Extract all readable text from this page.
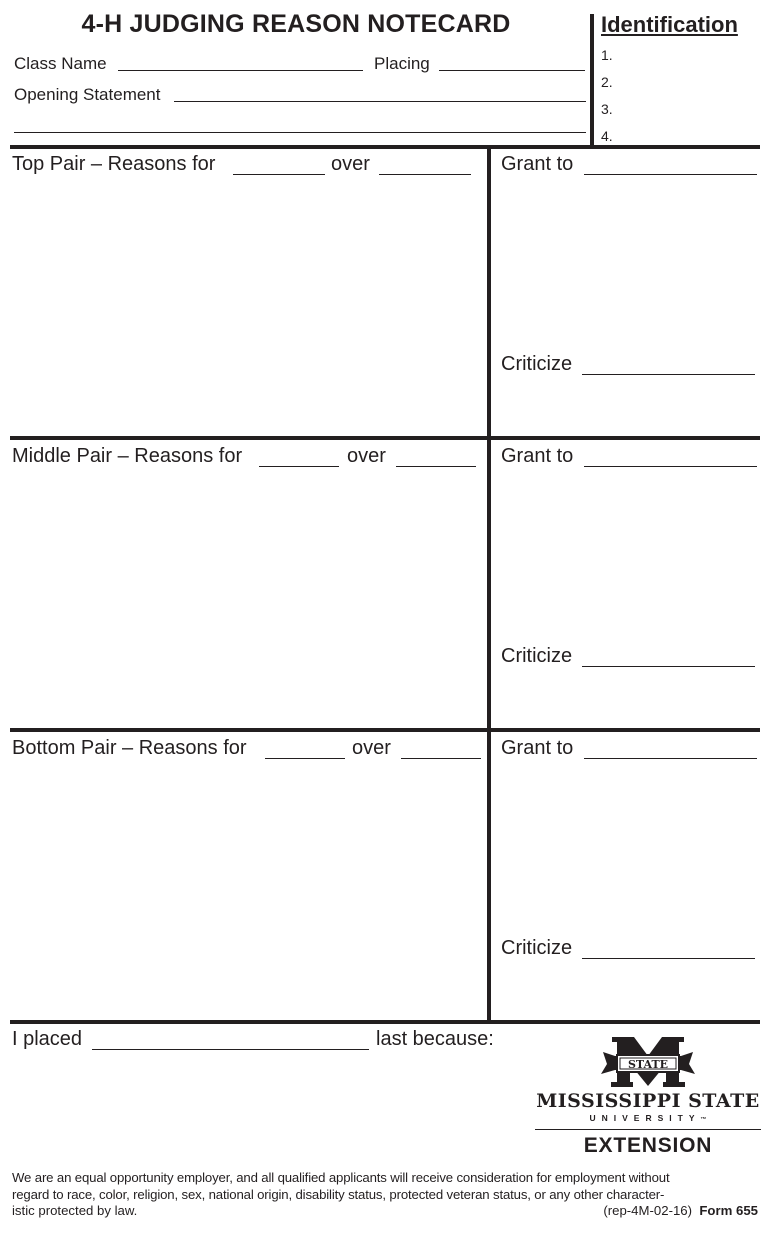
4-H JUDGING REASON NOTECARD
Class Name	Placing
Opening Statement
Identification
1.
2.
3.
4.
Top Pair – Reasons for	over	Grant to
Criticize
Middle Pair – Reasons for	over	Grant to
Criticize
Bottom Pair – Reasons for	over	Grant to
Criticize
I placed	last because:
STATE
MISSISSIPPI STATE
UNIVERSITY™
EXTENSION
We are an equal opportunity employer, and all qualified applicants will receive consideration for employment without
regard to race, color, religion, sex, national origin, disability status, protected veteran status, or any other character-
istic protected by law.	(rep-4M-02-16) Form 655
